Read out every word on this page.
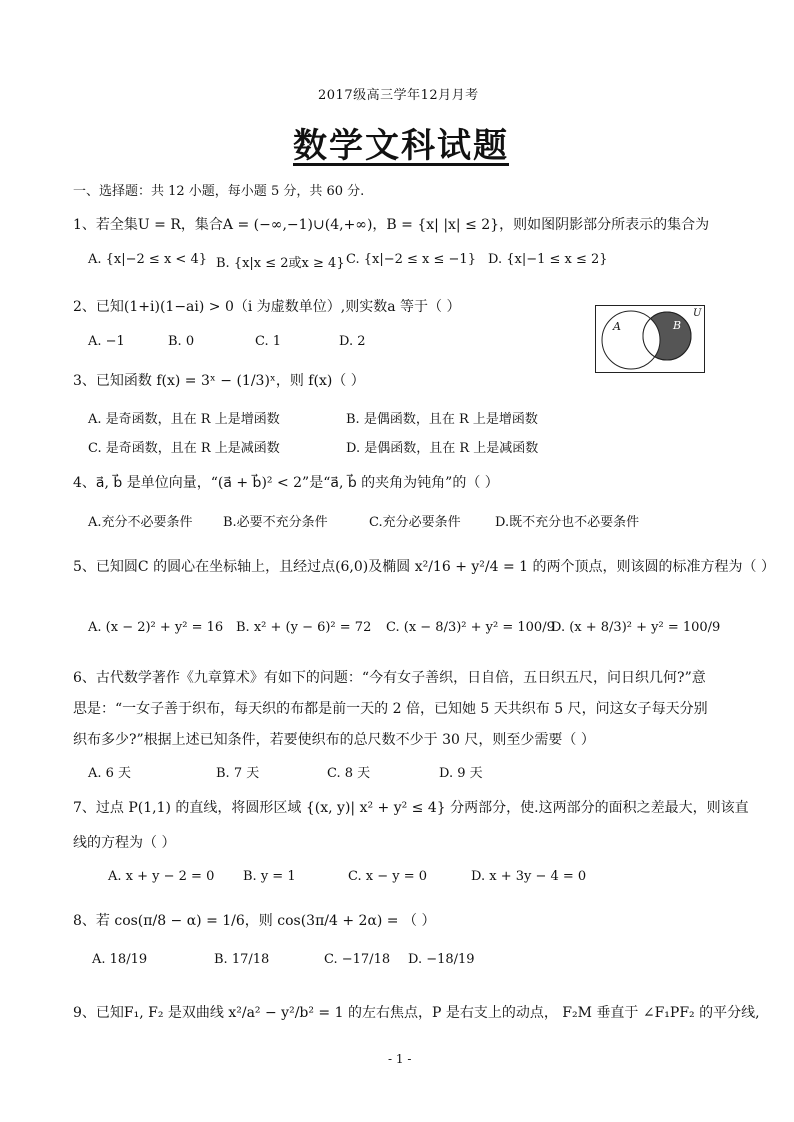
2017级高三学年12月月考
数学文科试题
一、选择题：共 12 小题，每小题 5 分，共 60 分.
1、若全集U = R，集合A = (−∞,−1)∪(4,+∞)，B = {x| |x| ≤ 2}，则如图阴影部分所表示的集合为
A. {x|−2 ≤ x < 4} B. {x|x ≤ 2或x ≥ 4} C. {x|−2 ≤ x ≤ −1} D. {x|−1 ≤ x ≤ 2}
2、已知(1+i)(1−ai) > 0（i 为虚数单位）,则实数a 等于（ ）
A. −1	B. 0	C. 1	D. 2
A	B
U
3、已知函数 f(x) = 3ˣ − (1/3)ˣ，则 f(x)（ ）
A. 是奇函数，且在 R 上是增函数	B. 是偶函数，且在 R 上是增函数
C. 是奇函数，且在 R 上是减函数	D. 是偶函数，且在 R 上是减函数
4、a⃗, b⃗ 是单位向量，“(a⃗ + b⃗)² < 2”是“a⃗, b⃗ 的夹角为钝角”的（ ）
A.充分不必要条件	B.必要不充分条件	C.充分必要条件	D.既不充分也不必要条件
5、已知圆C 的圆心在坐标轴上，且经过点(6,0)及椭圆 x²/16 + y²/4 = 1 的两个顶点，则该圆的标准方程为（ ）
A. (x − 2)² + y² = 16 B. x² + (y − 6)² = 72	C. (x − 8/3)² + y² = 100/9
D. (x + 8/3)² + y² = 100/9
6、古代数学著作《九章算术》有如下的问题：“今有女子善织，日自倍，五日织五尺，问日织几何?”意
思是：“一女子善于织布，每天织的布都是前一天的 2 倍，已知她 5 天共织布 5 尺，问这女子每天分别
织布多少?”根据上述已知条件，若要使织布的总尺数不少于 30 尺，则至少需要（ ）
A. 6 天	B. 7 天	C. 8 天	D. 9 天
7、过点 P(1,1) 的直线，将圆形区域 {(x, y)| x² + y² ≤ 4} 分两部分，使.这两部分的面积之差最大，则该直
线的方程为（ ）
A. x + y − 2 = 0	B. y = 1	C. x − y = 0	D. x + 3y − 4 = 0
8、若 cos(π/8 − α) = 1/6，则 cos(3π/4 + 2α) = （ ）
A. 18/19	B. 17/18	C. −17/18	D. −18/19
9、已知F₁, F₂ 是双曲线 x²/a² − y²/b² = 1 的左右焦点，P 是右支上的动点， F₂M 垂直于 ∠F₁PF₂ 的平分线,
- 1 -
